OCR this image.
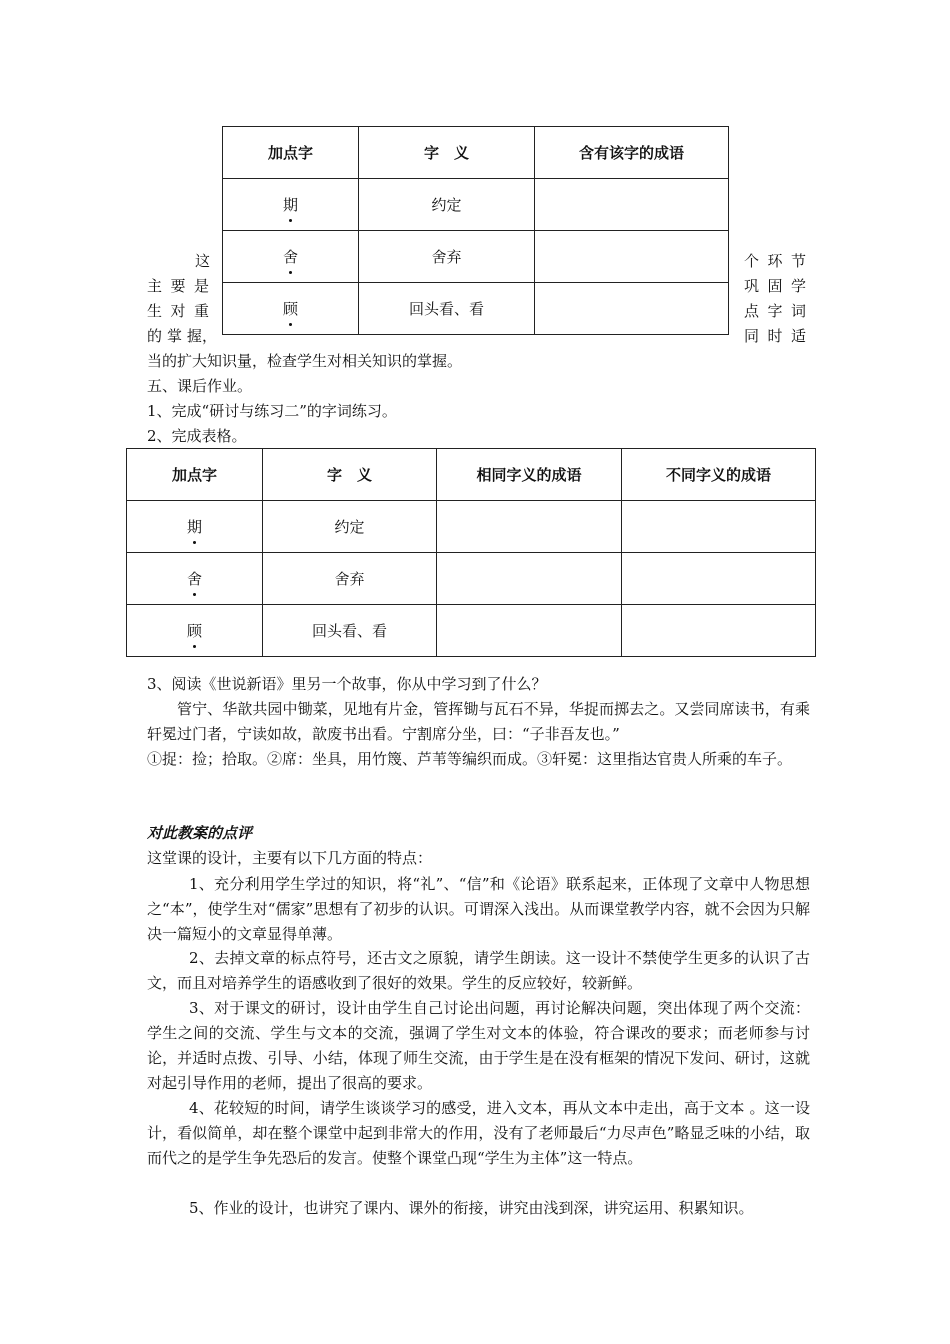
加点字	字　义	含有该字的成语
期	约定	
舍	舍弃	
顾	回头看、看	
这
主 要 是
生 对 重
的 掌 握，
个 环 节
巩 固 学
点 字 词
同 时 适
当的扩大知识量，检查学生对相关知识的掌握。
五、课后作业。
1、完成“研讨与练习二”的字词练习。
2、完成表格。
加点字	字　义	相同字义的成语	不同字义的成语
期	约定		
舍	舍弃		
顾	回头看、看		
3、阅读《世说新语》里另一个故事，你从中学习到了什么？
管宁、华歆共园中锄菜，见地有片金，管挥锄与瓦石不异，华捉而掷去之。又尝同席读书，有乘轩冕过门者，宁读如故，歆废书出看。宁割席分坐，曰：“子非吾友也。”
①捉：捡；拾取。②席：坐具，用竹篾、芦苇等编织而成。③轩冕：这里指达官贵人所乘的车子。
对此教案的点评
这堂课的设计，主要有以下几方面的特点：
1、充分利用学生学过的知识，将“礼”、“信”和《论语》联系起来，正体现了文章中人物思想之“本”，使学生对“儒家”思想有了初步的认识。可谓深入浅出。从而课堂教学内容，就不会因为只解决一篇短小的文章显得单薄。
2、去掉文章的标点符号，还古文之原貌，请学生朗读。这一设计不禁使学生更多的认识了古文，而且对培养学生的语感收到了很好的效果。学生的反应较好，较新鲜。
3、对于课文的研讨，设计由学生自己讨论出问题，再讨论解决问题，突出体现了两个交流：学生之间的交流、学生与文本的交流，强调了学生对文本的体验，符合课改的要求；而老师参与讨论，并适时点拨、引导、小结，体现了师生交流，由于学生是在没有框架的情况下发问、研讨，这就对起引导作用的老师，提出了很高的要求。
4、花较短的时间，请学生谈谈学习的感受，进入文本，再从文本中走出，高于文本 。这一设计，看似简单，却在整个课堂中起到非常大的作用，没有了老师最后“力尽声色”略显乏味的小结，取而代之的是学生争先恐后的发言。使整个课堂凸现“学生为主体”这一特点。
5、作业的设计，也讲究了课内、课外的衔接，讲究由浅到深，讲究运用、积累知识。
